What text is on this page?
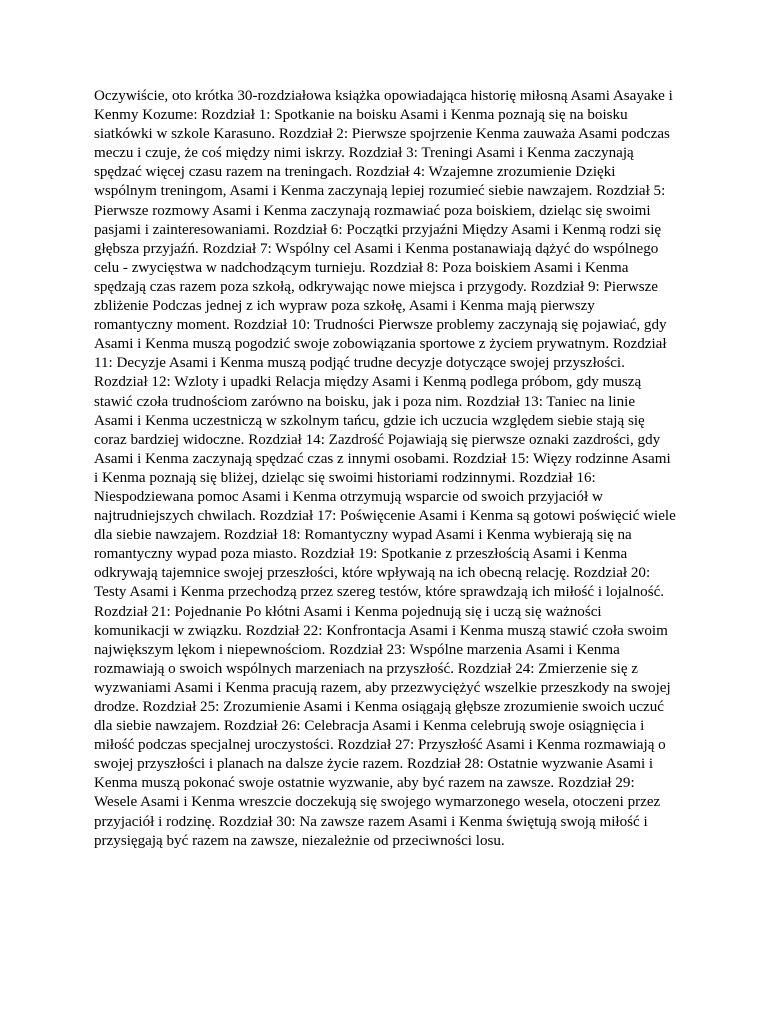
Oczywiście, oto krótka 30-rozdziałowa książka opowiadająca historię miłosną Asami Asayake i Kenmy Kozume: Rozdział 1: Spotkanie na boisku Asami i Kenma poznają się na boisku siatkówki w szkole Karasuno. Rozdział 2: Pierwsze spojrzenie Kenma zauważa Asami podczas meczu i czuje, że coś między nimi iskrzy. Rozdział 3: Treningi Asami i Kenma zaczynają spędzać więcej czasu razem na treningach. Rozdział 4: Wzajemne zrozumienie Dzięki wspólnym treningom, Asami i Kenma zaczynają lepiej rozumieć siebie nawzajem. Rozdział 5: Pierwsze rozmowy Asami i Kenma zaczynają rozmawiać poza boiskiem, dzieląc się swoimi pasjami i zainteresowaniami. Rozdział 6: Początki przyjaźni Między Asami i Kenmą rodzi się głębsza przyjaźń. Rozdział 7: Wspólny cel Asami i Kenma postanawiają dążyć do wspólnego celu - zwycięstwa w nadchodzącym turnieju. Rozdział 8: Poza boiskiem Asami i Kenma spędzają czas razem poza szkołą, odkrywając nowe miejsca i przygody. Rozdział 9: Pierwsze zbliżenie Podczas jednej z ich wypraw poza szkołę, Asami i Kenma mają pierwszy romantyczny moment. Rozdział 10: Trudności Pierwsze problemy zaczynają się pojawiać, gdy Asami i Kenma muszą pogodzić swoje zobowiązania sportowe z życiem prywatnym. Rozdział 11: Decyzje Asami i Kenma muszą podjąć trudne decyzje dotyczące swojej przyszłości. Rozdział 12: Wzloty i upadki Relacja między Asami i Kenmą podlega próbom, gdy muszą stawić czoła trudnościom zarówno na boisku, jak i poza nim. Rozdział 13: Taniec na linie Asami i Kenma uczestniczą w szkolnym tańcu, gdzie ich uczucia względem siebie stają się coraz bardziej widoczne. Rozdział 14: Zazdrość Pojawiają się pierwsze oznaki zazdrości, gdy Asami i Kenma zaczynają spędzać czas z innymi osobami. Rozdział 15: Więzy rodzinne Asami i Kenma poznają się bliżej, dzieląc się swoimi historiami rodzinnymi. Rozdział 16: Niespodziewana pomoc Asami i Kenma otrzymują wsparcie od swoich przyjaciół w najtrudniejszych chwilach. Rozdział 17: Poświęcenie Asami i Kenma są gotowi poświęcić wiele dla siebie nawzajem. Rozdział 18: Romantyczny wypad Asami i Kenma wybierają się na romantyczny wypad poza miasto. Rozdział 19: Spotkanie z przeszłością Asami i Kenma odkrywają tajemnice swojej przeszłości, które wpływają na ich obecną relację. Rozdział 20: Testy Asami i Kenma przechodzą przez szereg testów, które sprawdzają ich miłość i lojalność. Rozdział 21: Pojednanie Po kłótni Asami i Kenma pojednują się i uczą się ważności komunikacji w związku. Rozdział 22: Konfrontacja Asami i Kenma muszą stawić czoła swoim największym lękom i niepewnościom. Rozdział 23: Wspólne marzenia Asami i Kenma rozmawiają o swoich wspólnych marzeniach na przyszłość. Rozdział 24: Zmierzenie się z wyzwaniami Asami i Kenma pracują razem, aby przezwyciężyć wszelkie przeszkody na swojej drodze. Rozdział 25: Zrozumienie Asami i Kenma osiągają głębsze zrozumienie swoich uczuć dla siebie nawzajem. Rozdział 26: Celebracja Asami i Kenma celebrują swoje osiągnięcia i miłość podczas specjalnej uroczystości. Rozdział 27: Przyszłość Asami i Kenma rozmawiają o swojej przyszłości i planach na dalsze życie razem. Rozdział 28: Ostatnie wyzwanie Asami i Kenma muszą pokonać swoje ostatnie wyzwanie, aby być razem na zawsze. Rozdział 29: Wesele Asami i Kenma wreszcie doczekują się swojego wymarzonego wesela, otoczeni przez przyjaciół i rodzinę. Rozdział 30: Na zawsze razem Asami i Kenma świętują swoją miłość i przysięgają być razem na zawsze, niezależnie od przeciwności losu.
